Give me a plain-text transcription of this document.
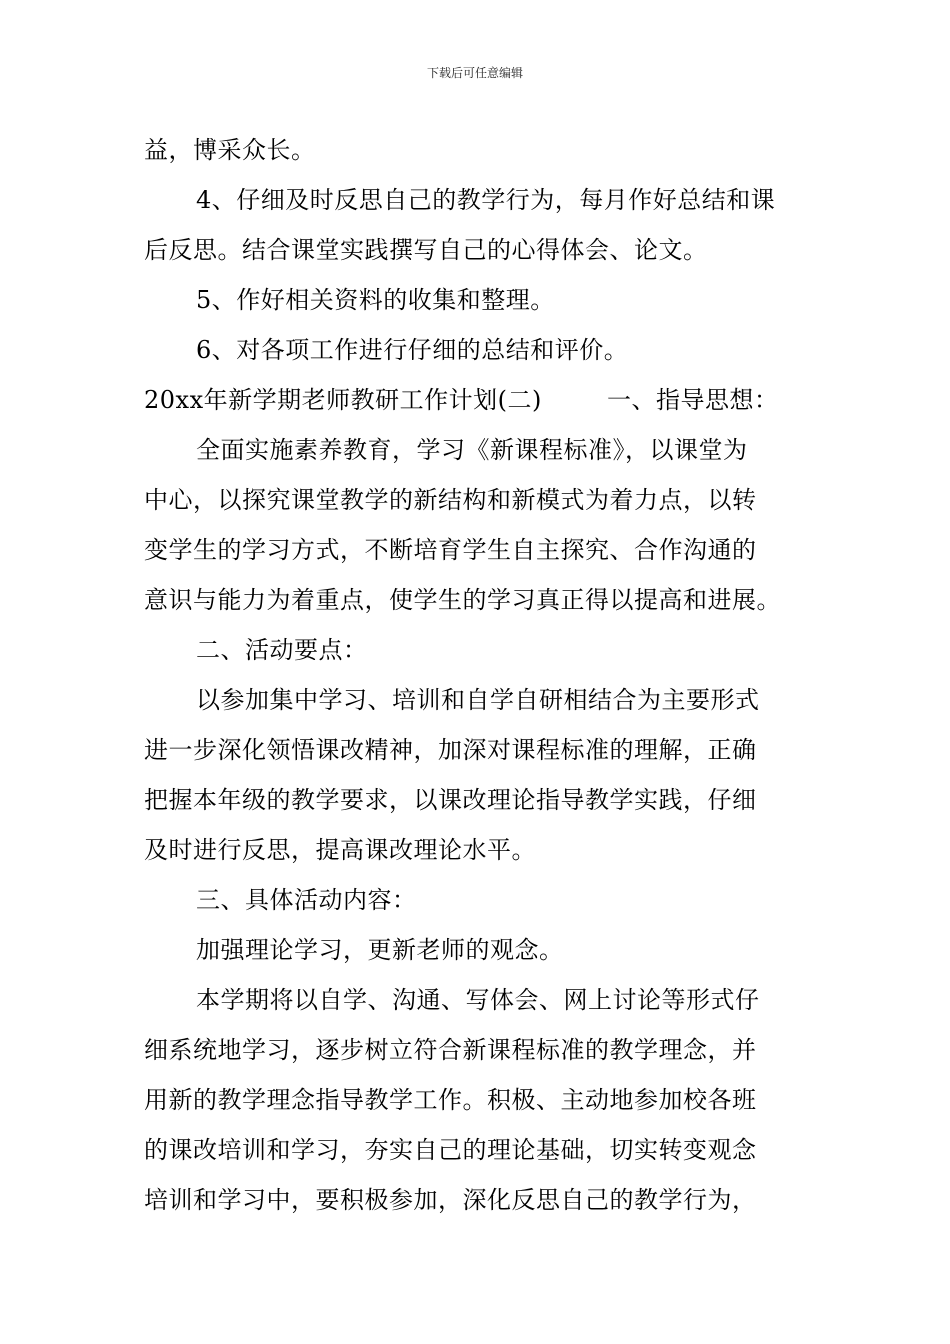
下载后可任意编辑
益，博采众长。
4、仔细及时反思自己的教学行为，每月作好总结和课
后反思。结合课堂实践撰写自己的心得体会、论文。
5、作好相关资料的收集和整理。
6、对各项工作进行仔细的总结和评价。
20xx年新学期老师教研工作计划(二)	一、指导思想：
全面实施素养教育，学习《新课程标准》，以课堂为
中心，以探究课堂教学的新结构和新模式为着力点，以转
变学生的学习方式，不断培育学生自主探究、合作沟通的
意识与能力为着重点，使学生的学习真正得以提高和进展。
二、活动要点：
以参加集中学习、培训和自学自研相结合为主要形式
进一步深化领悟课改精神，加深对课程标准的理解，正确
把握本年级的教学要求，以课改理论指导教学实践，仔细
及时进行反思，提高课改理论水平。
三、具体活动内容：
加强理论学习，更新老师的观念。
本学期将以自学、沟通、写体会、网上讨论等形式仔
细系统地学习，逐步树立符合新课程标准的教学理念，并
用新的教学理念指导教学工作。积极、主动地参加校各班
的课改培训和学习，夯实自己的理论基础，切实转变观念
培训和学习中，要积极参加，深化反思自己的教学行为，
